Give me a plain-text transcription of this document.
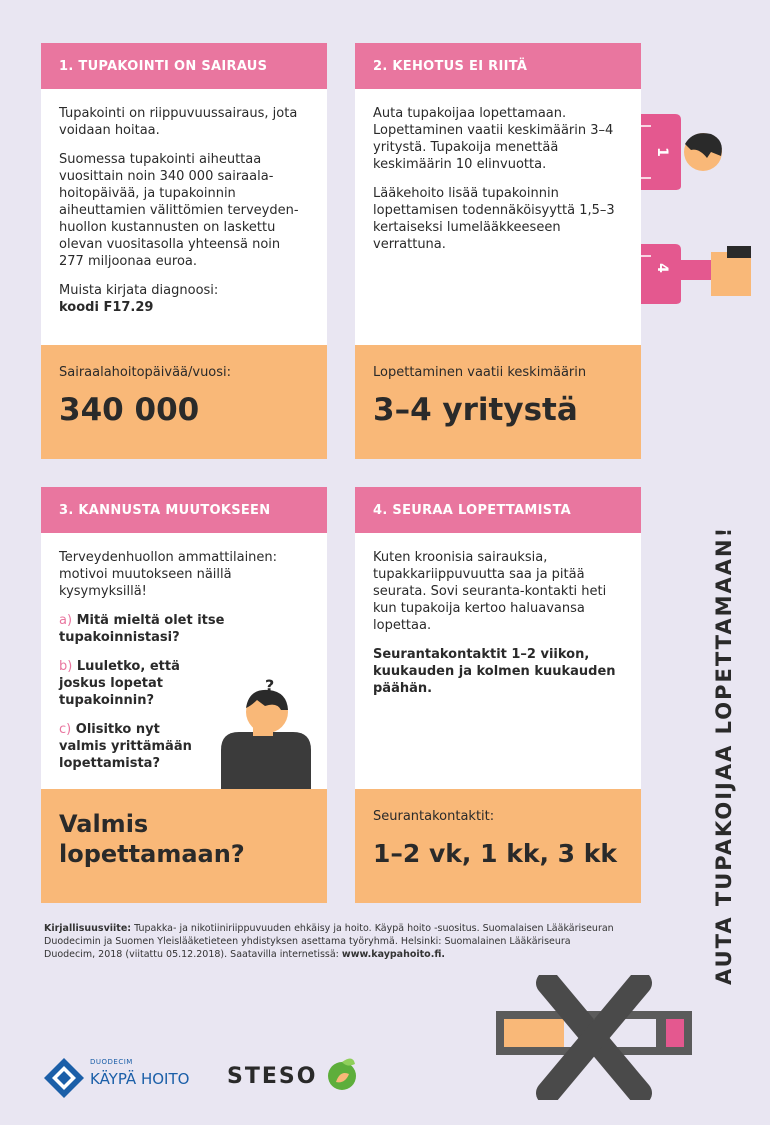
1. TUPAKOINTI ON SAIRAUS

Tupakointi on riippuvuussairaus, jota voidaan hoitaa.

Suomessa tupakointi aiheuttaa vuosittain noin 340 000 sairaala-hoitopäivää, ja tupakoinnin aiheuttamien välittömien terveyden-huollon kustannusten on laskettu olevan vuositasolla yhteensä noin 277 miljoonaa euroa.

Muista kirjata diagnoosi:
koodi F17.29

Sairaalahoitopäivää/vuosi:
340 000
2. KEHOTUS EI RIITÄ

Auta tupakoijaa lopettamaan. Lopettaminen vaatii keskimäärin 3–4 yritystä. Tupakoija menettää keskimäärin 10 elinvuotta.

Lääkehoito lisää tupakoinnin lopettamisen todennäköisyyttä 1,5–3 kertaiseksi lumelääkkeeseen verrattuna.

Lopettaminen vaatii keskimäärin
3–4 yritystä
3. KANNUSTA MUUTOKSEEN

Terveydenhuollon ammattilainen: motivoi muutokseen näillä kysymyksillä!

a) Mitä mieltä olet itse tupakoinnistasi?

b) Luuletko, että joskus lopetat tupakoinnin?

c) Olisitko nyt valmis yrittämään lopettamista?

?
Valmis lopettamaan?
4. SEURAA LOPETTAMISTA

Kuten kroonisia sairauksia, tupakkariippuvuutta saa ja pitää seurata. Sovi seuranta-kontakti heti kun tupakoija kertoo haluavansa lopettaa.

Seurantakontaktit 1–2 viikon, kuukauden ja kolmen kuukauden päähän.

Seurantakontaktit:
1–2 vk, 1 kk, 3 kk
1
4
AUTA TUPAKOIJAA LOPETTAMAAN!
Kirjallisuusviite: Tupakka- ja nikotiiniriippuvuuden ehkäisy ja hoito. Käypä hoito -suositus. Suomalaisen Lääkäriseuran Duodecimin ja Suomen Yleislääketieteen yhdistyksen asettama työryhmä. Helsinki: Suomalainen Lääkäriseura Duodecim, 2018 (viitattu 05.12.2018). Saatavilla internetissä: www.kaypahoito.fi.
DUODECIM
KÄYPÄ HOITO STESO
